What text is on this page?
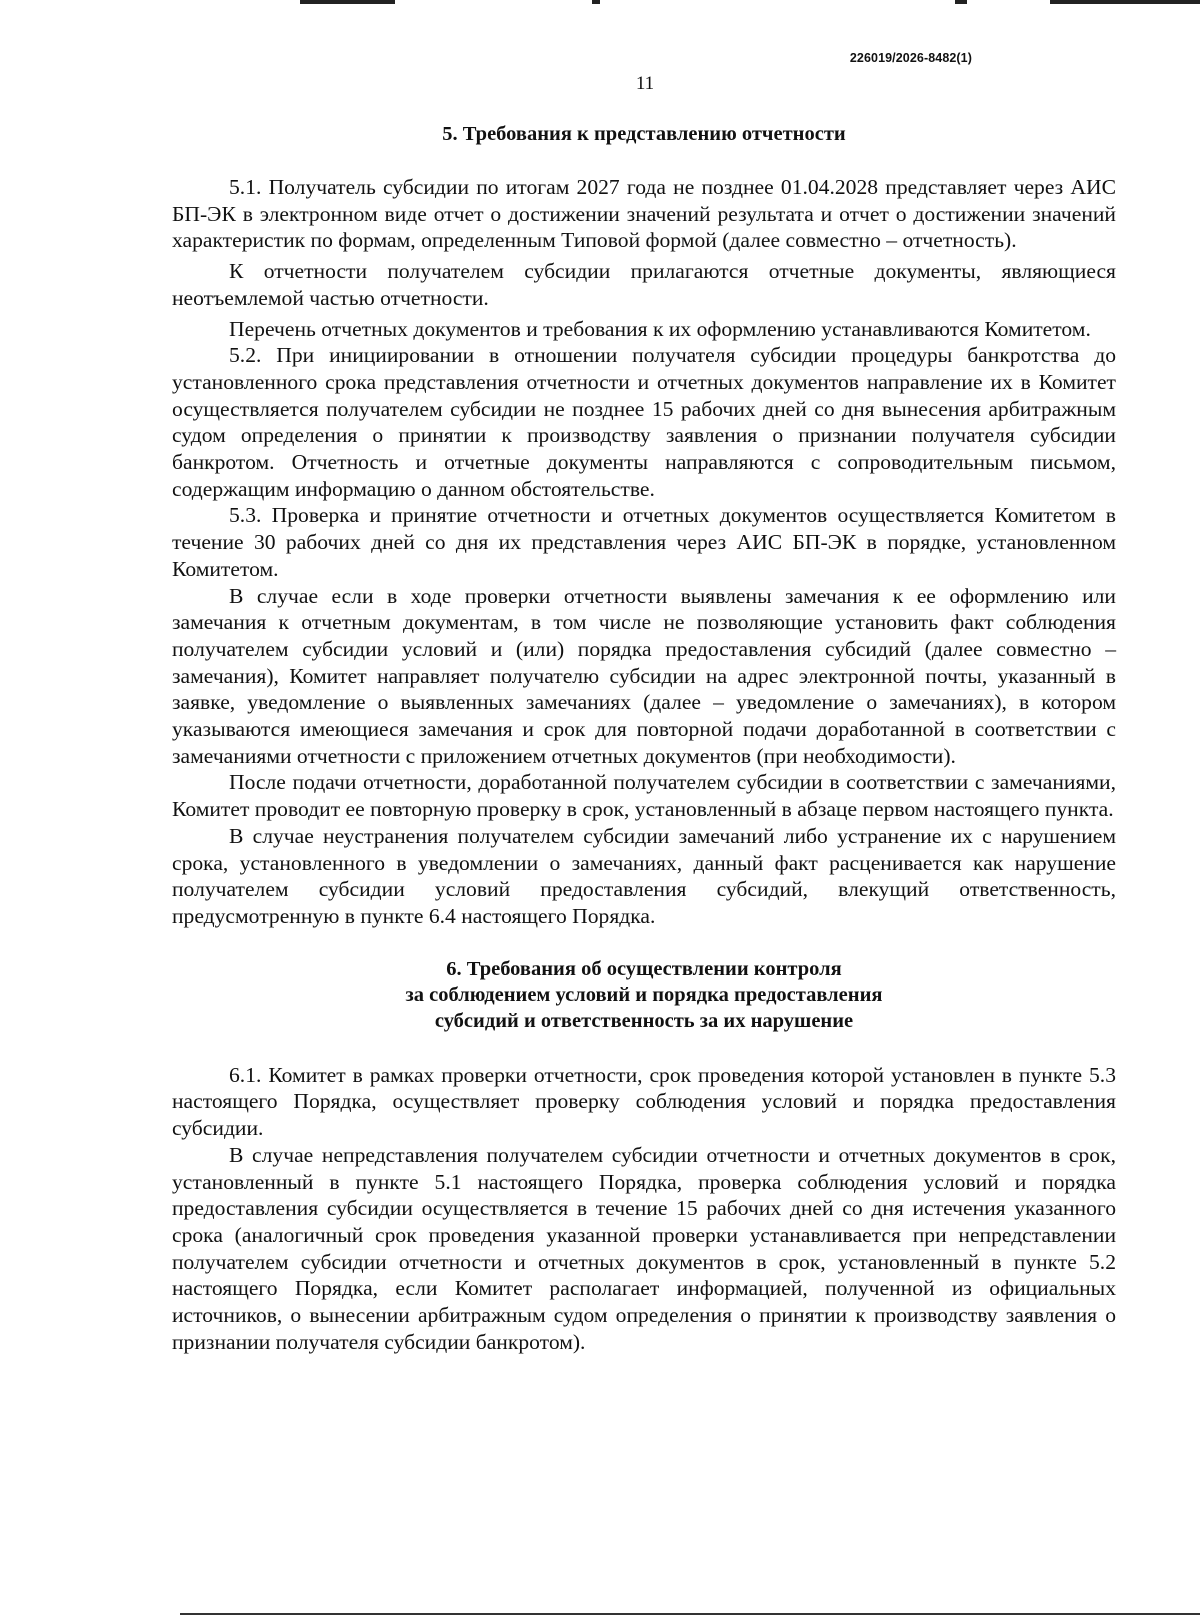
226019/2026-8482(1)
11
5. Требования к представлению отчетности

5.1. Получатель субсидии по итогам 2027 года не позднее 01.04.2028 представляет через АИС БП-ЭК в электронном виде отчет о достижении значений результата и отчет о достижении значений характеристик по формам, определенным Типовой формой (далее совместно – отчетность).

К отчетности получателем субсидии прилагаются отчетные документы, являющиеся неотъемлемой частью отчетности.

Перечень отчетных документов и требования к их оформлению устанавливаются Комитетом.

5.2. При инициировании в отношении получателя субсидии процедуры банкротства до установленного срока представления отчетности и отчетных документов направление их в Комитет осуществляется получателем субсидии не позднее 15 рабочих дней со дня вынесения арбитражным судом определения о принятии к производству заявления о признании получателя субсидии банкротом. Отчетность и отчетные документы направляются с сопроводительным письмом, содержащим информацию о данном обстоятельстве.

5.3. Проверка и принятие отчетности и отчетных документов осуществляется Комитетом в течение 30 рабочих дней со дня их представления через АИС БП-ЭК в порядке, установленном Комитетом.

В случае если в ходе проверки отчетности выявлены замечания к ее оформлению или замечания к отчетным документам, в том числе не позволяющие установить факт соблюдения получателем субсидии условий и (или) порядка предоставления субсидий (далее совместно – замечания), Комитет направляет получателю субсидии на адрес электронной почты, указанный в заявке, уведомление о выявленных замечаниях (далее – уведомление о замечаниях), в котором указываются имеющиеся замечания и срок для повторной подачи доработанной в соответствии с замечаниями отчетности с приложением отчетных документов (при необходимости).

После подачи отчетности, доработанной получателем субсидии в соответствии с замечаниями, Комитет проводит ее повторную проверку в срок, установленный в абзаце первом настоящего пункта.

В случае неустранения получателем субсидии замечаний либо устранение их с нарушением срока, установленного в уведомлении о замечаниях, данный факт расценивается как нарушение получателем субсидии условий предоставления субсидий, влекущий ответственность, предусмотренную в пункте 6.4 настоящего Порядка.

6. Требования об осуществлении контроля
за соблюдением условий и порядка предоставления
субсидий и ответственность за их нарушение

6.1. Комитет в рамках проверки отчетности, срок проведения которой установлен в пункте 5.3 настоящего Порядка, осуществляет проверку соблюдения условий и порядка предоставления субсидии.

В случае непредставления получателем субсидии отчетности и отчетных документов в срок, установленный в пункте 5.1 настоящего Порядка, проверка соблюдения условий и порядка предоставления субсидии осуществляется в течение 15 рабочих дней со дня истечения указанного срока (аналогичный срок проведения указанной проверки устанавливается при непредставлении получателем субсидии отчетности и отчетных документов в срок, установленный в пункте 5.2 настоящего Порядка, если Комитет располагает информацией, полученной из официальных источников, о вынесении арбитражным судом определения о принятии к производству заявления о признании получателя субсидии банкротом).
